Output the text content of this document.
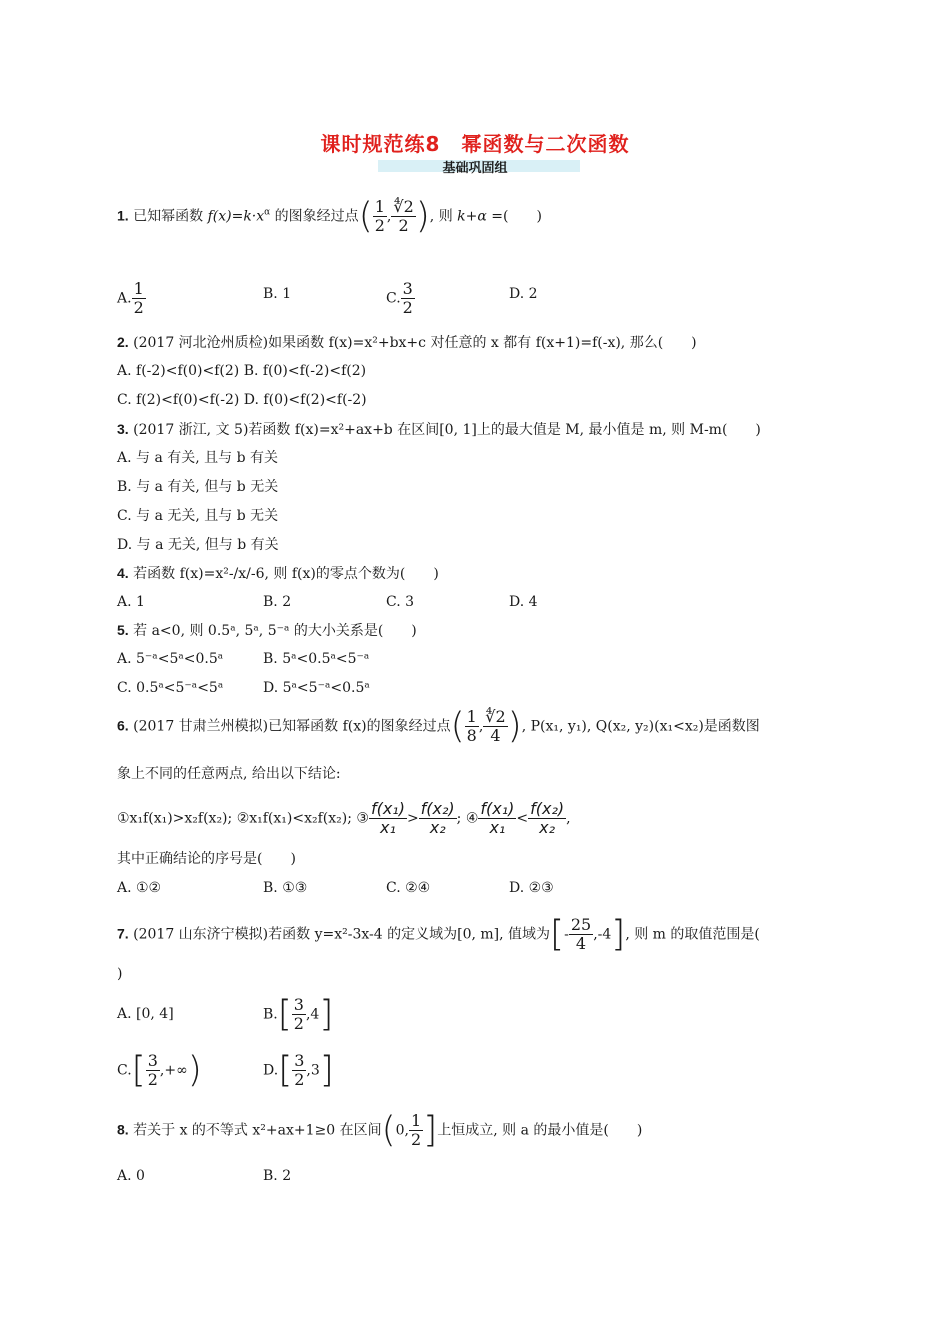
课时规范练8　幂函数与二次函数
基础巩固组
1. 已知幂函数 $f(x)=k\cdot x^\alpha$ 的图象经过点( $\frac{1}{2}$ , $\frac{∜2}{2}$ ), 则 k+α =(　　)
A. $\frac{1}{2}$	B. 1	C. $\frac{3}{2}$	D. 2
2. (2017 河北沧州质检)如果函数 f(x)=x²+bx+c 对任意的 x 都有 f(x+1)=f(-x), 那么(　　)
A. f(-2)<f(0)<f(2) B. f(0)<f(-2)<f(2)
C. f(2)<f(0)<f(-2) D. f(0)<f(2)<f(-2)
3. (2017 浙江, 文 5)若函数 f(x)=x²+ax+b 在区间[0, 1]上的最大值是 M, 最小值是 m, 则 M-m(　　)
A. 与 a 有关, 且与 b 有关
B. 与 a 有关, 但与 b 无关
C. 与 a 无关, 且与 b 无关
D. 与 a 无关, 但与 b 有关
4. 若函数 f(x)=x²-/x/-6, 则 f(x)的零点个数为(　　)
A. 1	B. 2	C. 3	D. 4
5. 若 a<0, 则 0.5ᵃ, 5ᵃ, 5⁻ᵃ 的大小关系是(　　)
A. 5⁻ᵃ<5ᵃ<0.5ᵃ	B. 5ᵃ<0.5ᵃ<5⁻ᵃ
C. 0.5ᵃ<5⁻ᵃ<5ᵃ	D. 5ᵃ<5⁻ᵃ<0.5ᵃ
6. (2017 甘肃兰州模拟)已知幂函数 f(x)的图象经过点( $\frac{1}{8}$ , $\frac{∜2}{4}$ ), P(x₁, y₁), Q(x₂, y₂)(x₁<x₂)是函数图
象上不同的任意两点, 给出以下结论:
①x₁f(x₁)>x₂f(x₂); ②x₁f(x₁)<x₂f(x₂); ③ $\frac{\text{f(x₁)}}{\text{x₁}} > \frac{\text{f(x₂)}}{\text{x₂}}$ ; ④ $\frac{\text{f(x₁)}}{\text{x₁}} < \frac{\text{f(x₂)}}{\text{x₂}}$ ,
其中正确结论的序号是(　　)
A. ①②	B. ①③	C. ②④	D. ②③
7. (2017 山东济宁模拟)若函数 y=x²-3x-4 的定义域为[0, m], 值域为[- $\frac{25}{4} ,-4$], 则 m 的取值范围是(
)
A. [0, 4]	$B.[ \frac{3}{2} ,4]$
$C.[ \frac{3}{2}$ ,+∞)	$D.[ \frac{3}{2} ,3]$
8. 若关于 x 的不等式 x²+ax+1≥0 在区间(0, $\frac{1}{2}$ ]上恒成立, 则 a 的最小值是(　　)
A. 0	B. 2
